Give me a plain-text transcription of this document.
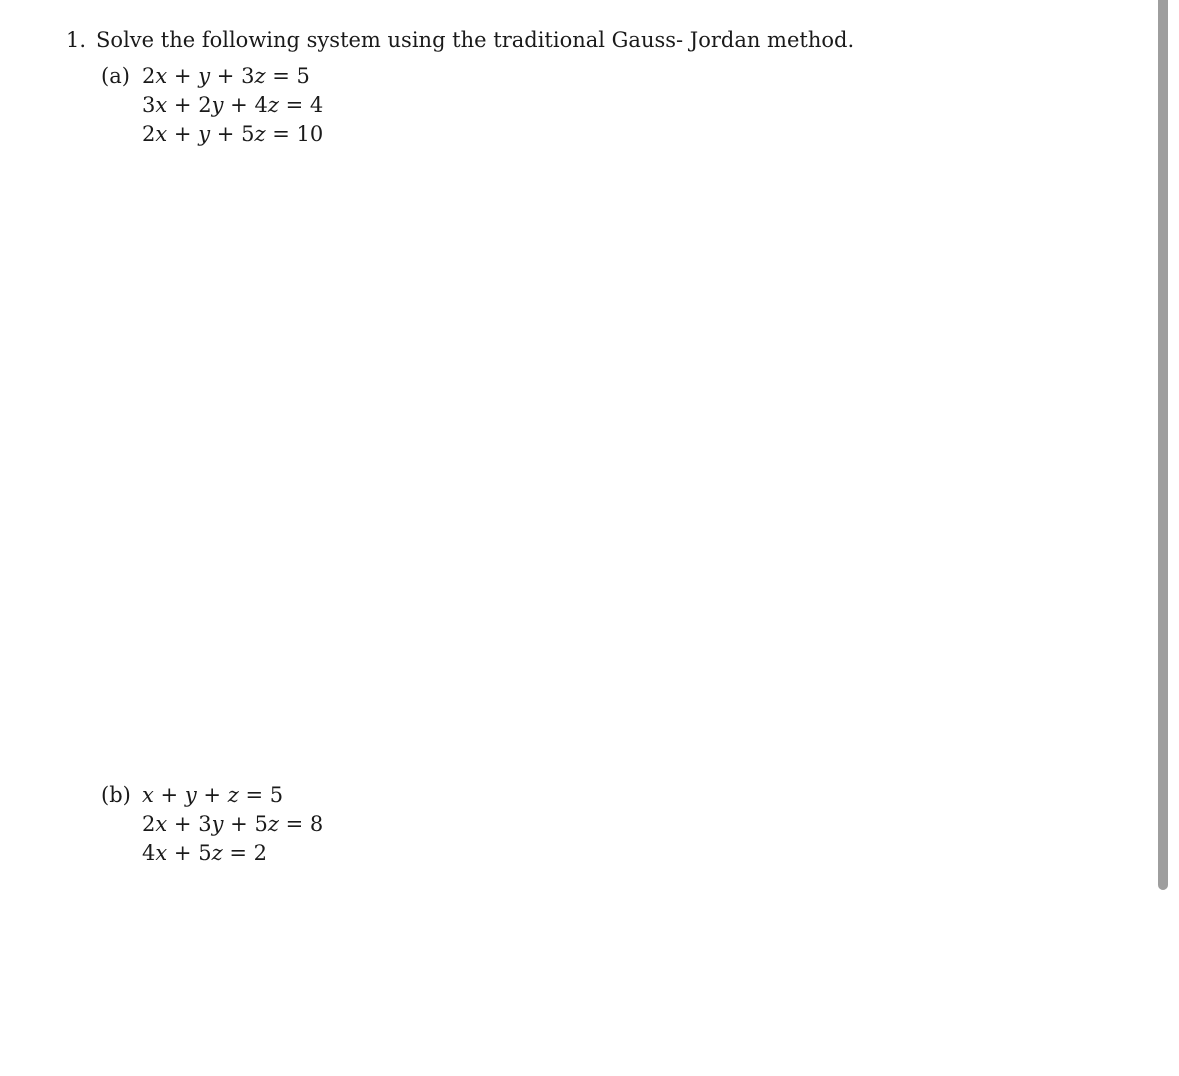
1. Solve the following system using the traditional Gauss- Jordan method.
(a) 2x + y + 3z = 5
3x + 2y + 4z = 4
2x + y + 5z = 10
(b) x + y + z = 5
2x + 3y + 5z = 8
4x + 5z = 2
